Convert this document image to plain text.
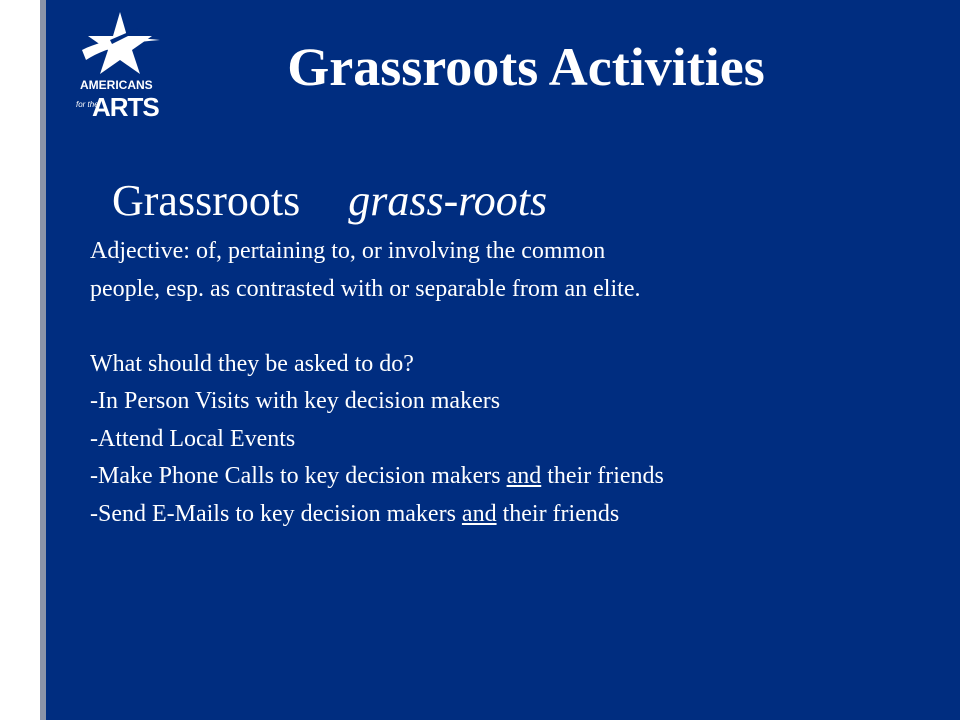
AMERICANS
for the
ARTS
Grassroots Activities
Grassroots grass-roots
Adjective: of, pertaining to, or involving the common
people, esp. as contrasted with or separable from an elite.
What should they be asked to do?
-In Person Visits with key decision makers
-Attend Local Events
-Make Phone Calls to key decision makers and their friends
-Send E-Mails to key decision makers and their friends
